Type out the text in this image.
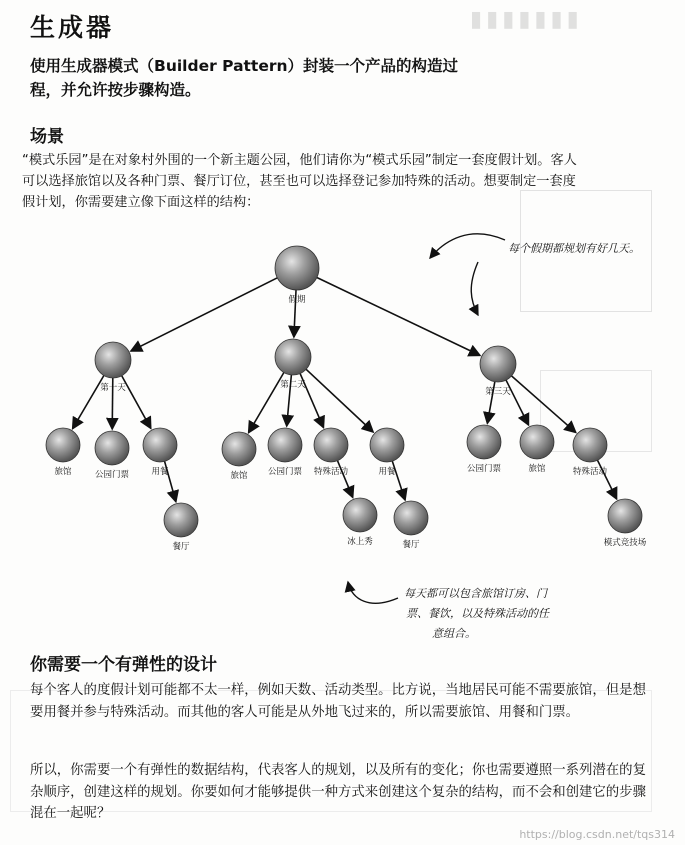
▮▮▮▮▮▮▮
生成器
使用生成器模式（Builder Pattern）封装一个产品的构造过程，并允许按步骤构造。
场景
“模式乐园”是在对象村外围的一个新主题公园，他们请你为“模式乐园”制定一套度假计划。客人可以选择旅馆以及各种门票、餐厅订位，甚至也可以选择登记参加特殊的活动。想要制定一套度假计划，你需要建立像下面这样的结构：
假期
第一天	第二天
第三天
旅馆	公园门票	用餐	旅馆 公园门票 特殊活动	用餐	公园门票	旅馆	特殊活动
餐厅	冰上秀	餐厅	模式竞技场
每个假期都规划有好几天。
每天都可以包含旅馆订房、门
票、餐饮，以及特殊活动的任
意组合。
你需要一个有弹性的设计
每个客人的度假计划可能都不太一样，例如天数、活动类型。比方说，当地居民可能不需要旅馆，但是想要用餐并参与特殊活动。而其他的客人可能是从外地飞过来的，所以需要旅馆、用餐和门票。
所以，你需要一个有弹性的数据结构，代表客人的规划，以及所有的变化；你也需要遵照一系列潜在的复杂顺序，创建这样的规划。你要如何才能够提供一种方式来创建这个复杂的结构，而不会和创建它的步骤混在一起呢？
https://blog.csdn.net/tqs314
